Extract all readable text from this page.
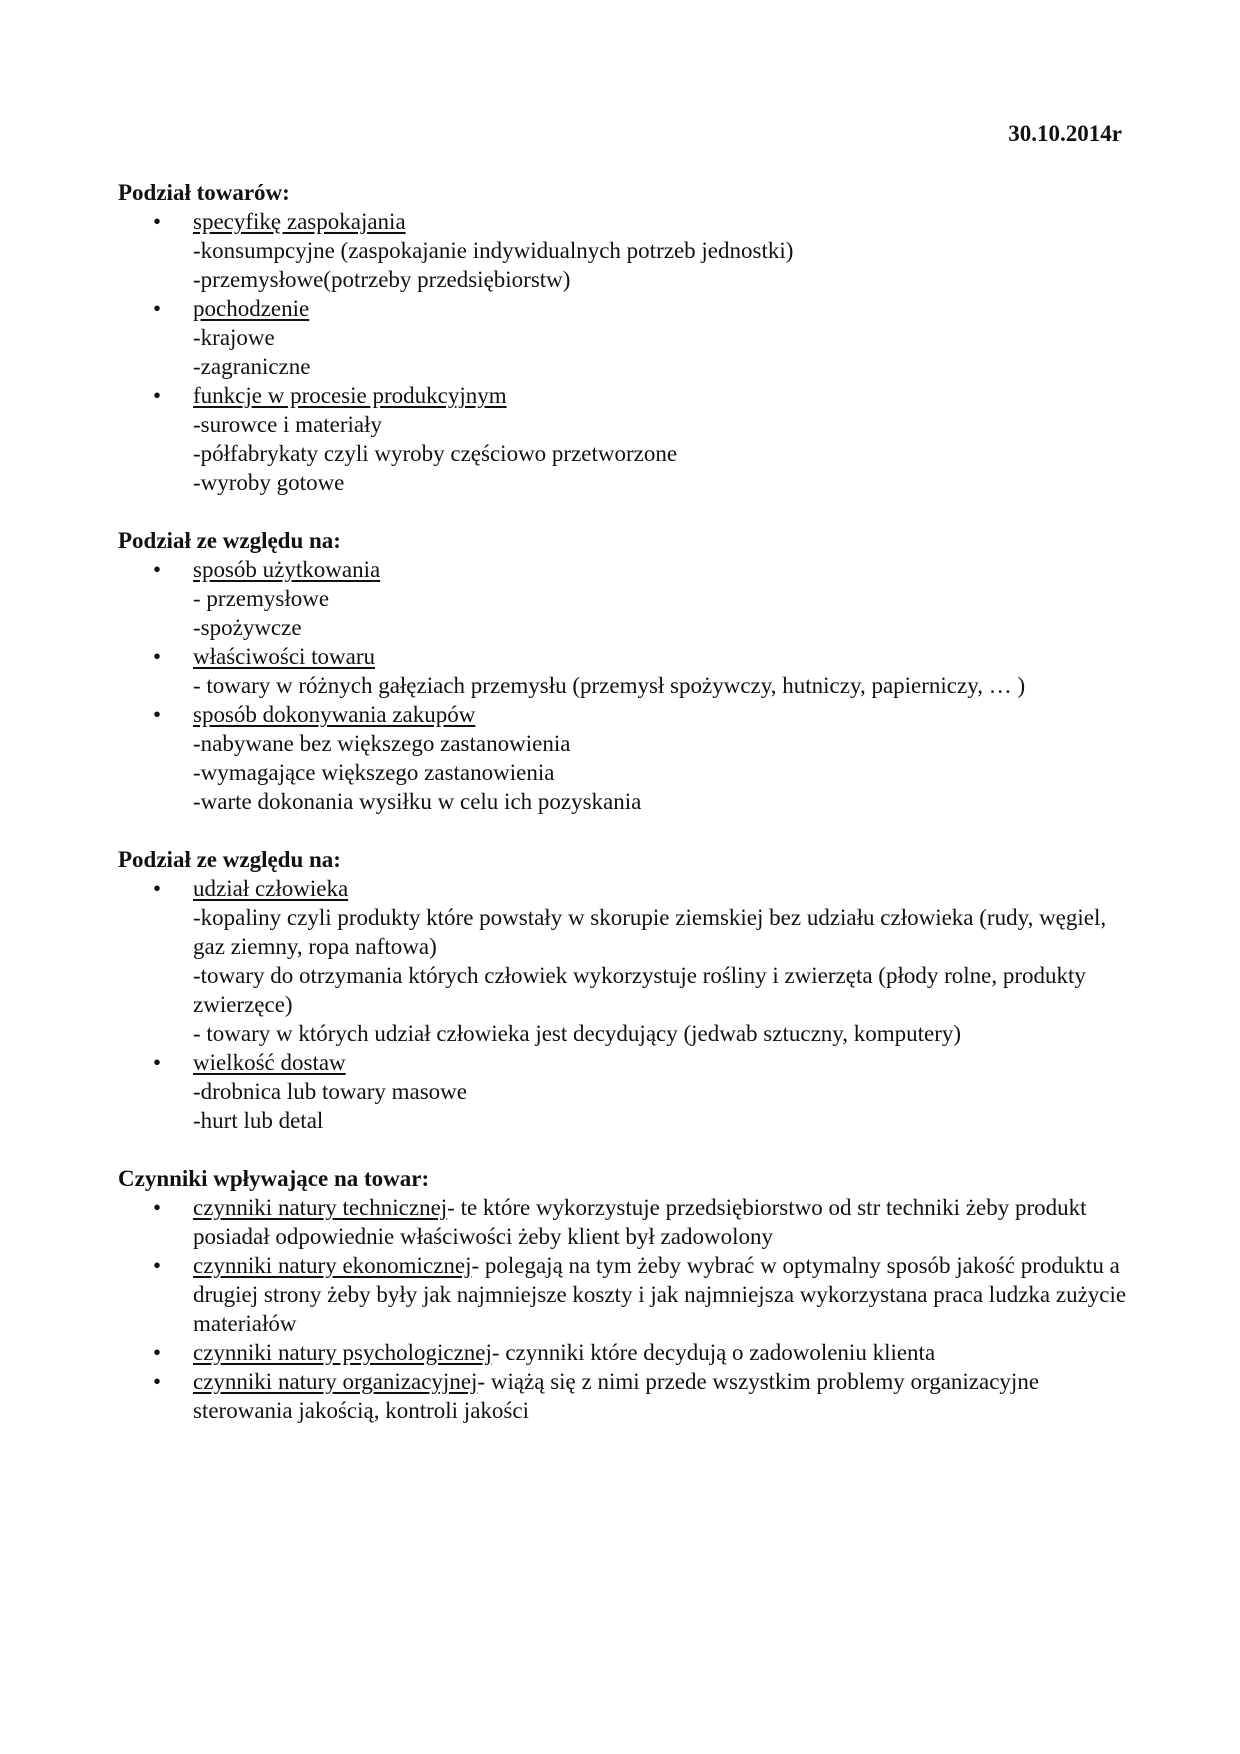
30.10.2014r
Podział towarów:
• specyfikę zaspokajania
-konsumpcyjne (zaspokajanie indywidualnych potrzeb jednostki)
-przemysłowe(potrzeby przedsiębiorstw)
• pochodzenie
-krajowe
-zagraniczne
• funkcje w procesie produkcyjnym
-surowce i materiały
-półfabrykaty czyli wyroby częściowo przetworzone
-wyroby gotowe
Podział ze względu na:
• sposób użytkowania
- przemysłowe
-spożywcze
• właściwości towaru
- towary w różnych gałęziach przemysłu (przemysł spożywczy, hutniczy, papierniczy, … )
• sposób dokonywania zakupów
-nabywane bez większego zastanowienia
-wymagające większego zastanowienia
-warte dokonania wysiłku w celu ich pozyskania
Podział ze względu na:
• udział człowieka
-kopaliny czyli produkty które powstały w skorupie ziemskiej bez udziału człowieka (rudy, węgiel, gaz ziemny, ropa naftowa)
-towary do otrzymania których człowiek wykorzystuje rośliny i zwierzęta (płody rolne, produkty zwierzęce)
- towary w których udział człowieka jest decydujący (jedwab sztuczny, komputery)
• wielkość dostaw
-drobnica lub towary masowe
-hurt lub detal
Czynniki wpływające na towar:
• czynniki natury technicznej- te które wykorzystuje przedsiębiorstwo od str techniki żeby produkt posiadał odpowiednie właściwości żeby klient był zadowolony
• czynniki natury ekonomicznej- polegają na tym żeby wybrać w optymalny sposób jakość produktu a drugiej strony żeby były jak najmniejsze koszty i jak najmniejsza wykorzystana praca ludzka zużycie materiałów
• czynniki natury psychologicznej- czynniki które decydują o zadowoleniu klienta
• czynniki natury organizacyjnej- wiążą się z nimi przede wszystkim problemy organizacyjne sterowania jakością, kontroli jakości
